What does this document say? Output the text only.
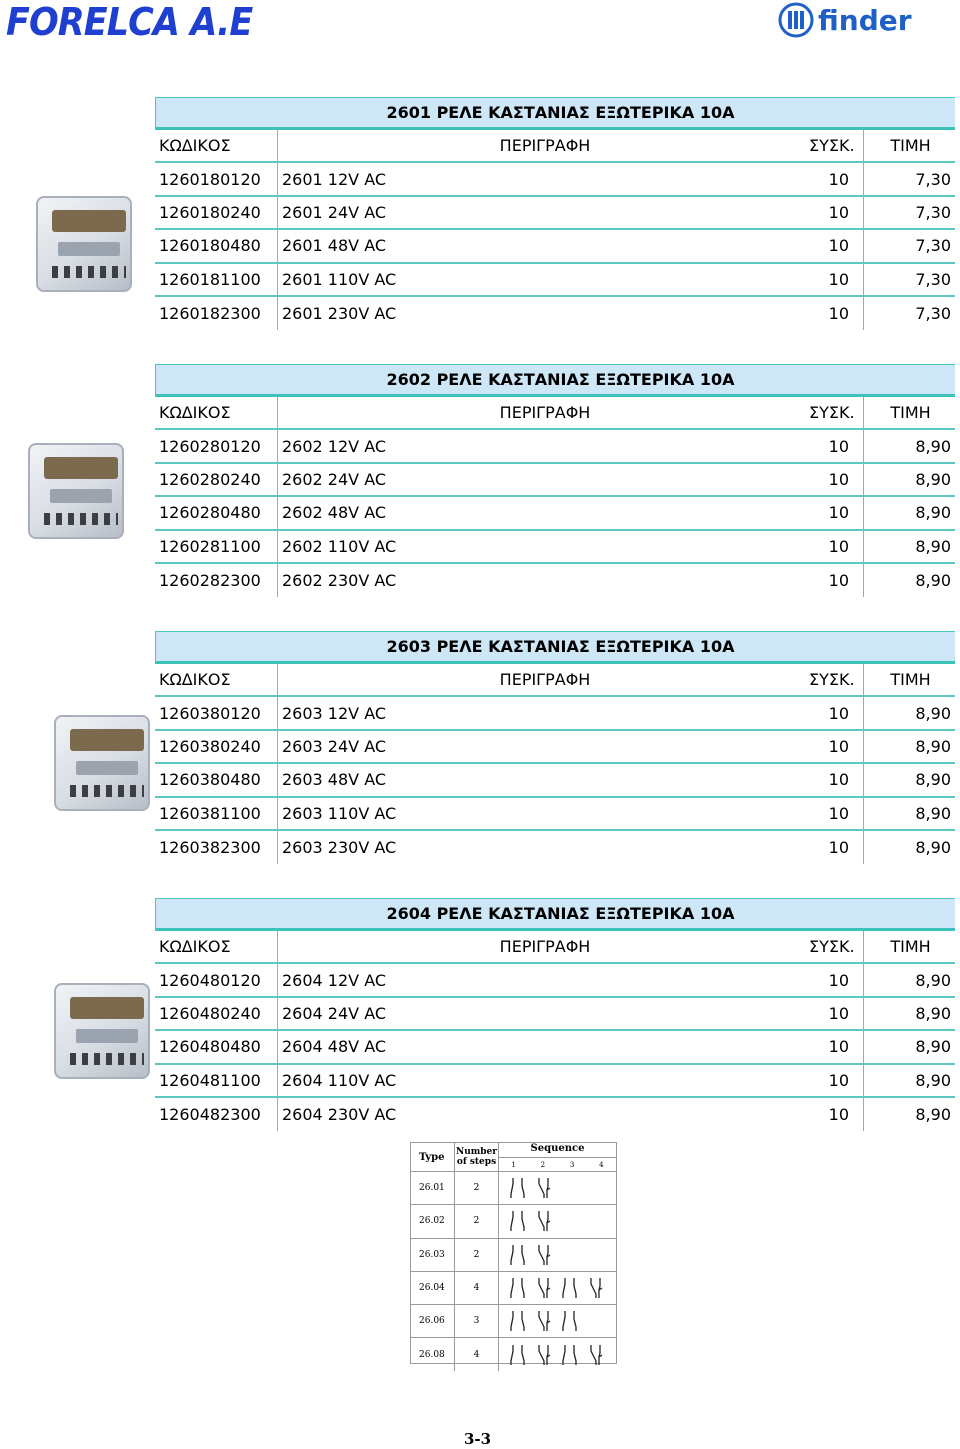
FORELCA A.E	finder
2601 ΡΕΛΕ ΚΑΣΤΑΝΙΑΣ ΕΞΩΤΕΡΙΚΑ 10Α
ΚΩΔΙΚΟΣ	ΠΕΡΙΓΡΑΦΗ	ΣΥΣΚ.	ΤΙΜΗ
1260180120	2601 12V AC	10	7,30
1260180240	2601 24V AC	10	7,30
1260180480	2601 48V AC	10	7,30
1260181100	2601 110V AC	10	7,30
1260182300	2601 230V AC	10	7,30
2602 ΡΕΛΕ ΚΑΣΤΑΝΙΑΣ ΕΞΩΤΕΡΙΚΑ 10Α
ΚΩΔΙΚΟΣ	ΠΕΡΙΓΡΑΦΗ	ΣΥΣΚ.	ΤΙΜΗ
1260280120	2602 12V AC	10	8,90
1260280240	2602 24V AC	10	8,90
1260280480	2602 48V AC	10	8,90
1260281100	2602 110V AC	10	8,90
1260282300	2602 230V AC	10	8,90
2603 ΡΕΛΕ ΚΑΣΤΑΝΙΑΣ ΕΞΩΤΕΡΙΚΑ 10Α
ΚΩΔΙΚΟΣ	ΠΕΡΙΓΡΑΦΗ	ΣΥΣΚ.	ΤΙΜΗ
1260380120	2603 12V AC	10	8,90
1260380240	2603 24V AC	10	8,90
1260380480	2603 48V AC	10	8,90
1260381100	2603 110V AC	10	8,90
1260382300	2603 230V AC	10	8,90
2604 ΡΕΛΕ ΚΑΣΤΑΝΙΑΣ ΕΞΩΤΕΡΙΚΑ 10Α
ΚΩΔΙΚΟΣ	ΠΕΡΙΓΡΑΦΗ	ΣΥΣΚ.	ΤΙΜΗ
1260480120	2604 12V AC	10	8,90
1260480240	2604 24V AC	10	8,90
1260480480	2604 48V AC	10	8,90
1260481100	2604 110V AC	10	8,90
1260482300	2604 230V AC	10	8,90
Type	Number of steps
Sequence
1	2	3	4
26.01	2
26.02	2
26.03	2
26.04	4
26.06	3
26.08	4
3-3
